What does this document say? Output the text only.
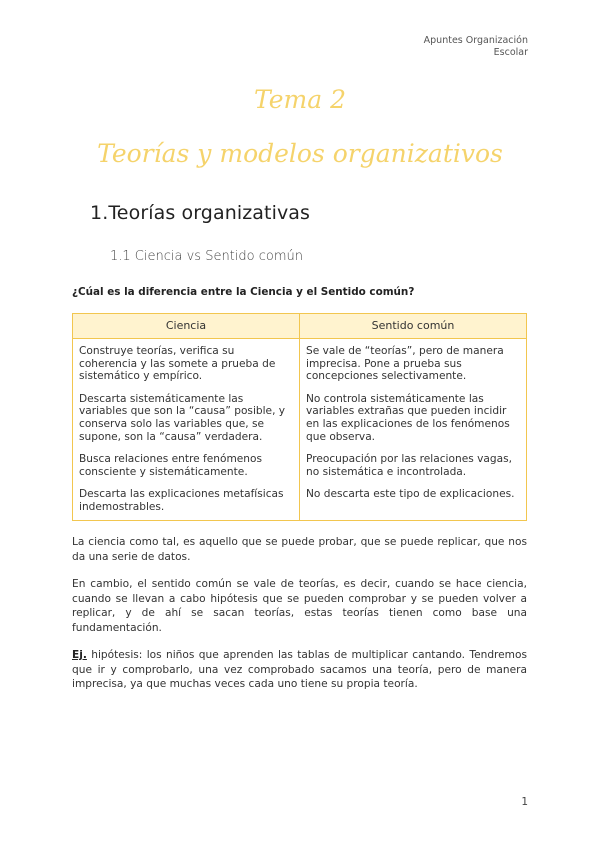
Apuntes Organización
Escolar
Tema 2
Teorías y modelos organizativos
1.Teorías organizativas
1.1 Ciencia vs Sentido común
¿Cúal es la diferencia entre la Ciencia y el Sentido común?
Ciencia	Sentido común
Construye teorías, verifica su coherencia y las somete a prueba de sistemático y empírico.	Se vale de “teorías”, pero de manera imprecisa. Pone a prueba sus concepciones selectivamente.
Descarta sistemáticamente las variables que son la “causa” posible, y conserva solo las variables que, se supone, son la “causa” verdadera.	No controla sistemáticamente las variables extrañas que pueden incidir en las explicaciones de los fenómenos que observa.
Busca relaciones entre fenómenos consciente y sistemáticamente.	Preocupación por las relaciones vagas, no sistemática e incontrolada.
Descarta las explicaciones metafísicas indemostrables.	No descarta este tipo de explicaciones.
La ciencia como tal, es aquello que se puede probar, que se puede replicar, que nos da una serie de datos.
En cambio, el sentido común se vale de teorías, es decir, cuando se hace ciencia, cuando se llevan a cabo hipótesis que se pueden comprobar y se pueden volver a replicar, y de ahí se sacan teorías, estas teorías tienen como base una fundamentación.
Ej. hipótesis: los niños que aprenden las tablas de multiplicar cantando. Tendremos que ir y comprobarlo, una vez comprobado sacamos una teoría, pero de manera imprecisa, ya que muchas veces cada uno tiene su propia teoría.
1
